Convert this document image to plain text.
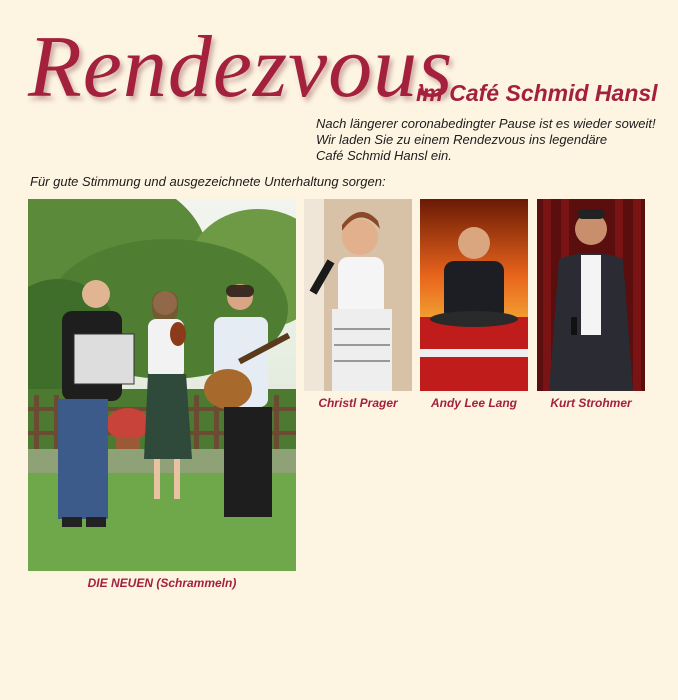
Rendezvous
im Café Schmid Hansl

Nach längerer coronabedingter Pause ist es wieder soweit!

Wir laden Sie zu einem Rendezvous ins legendäre

Café Schmid Hansl ein.

Für gute Stimmung und ausgezeichnete Unterhaltung sorgen:
DIE NEUEN (Schrammeln)
Christl Prager	Andy Lee Lang	Kurt Strohmer
